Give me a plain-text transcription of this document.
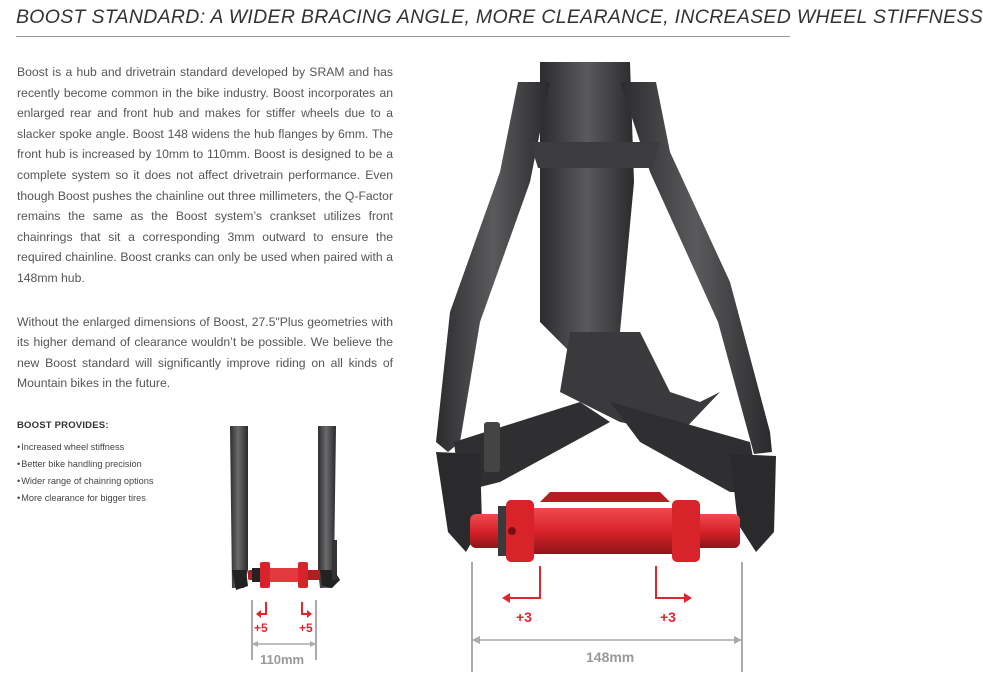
BOOST STANDARD: A WIDER BRACING ANGLE, MORE CLEARANCE, INCREASED WHEEL STIFFNESS

Boost is a hub and drivetrain standard developed by SRAM and has recently become common in the bike industry. Boost incorporates an enlarged rear and front hub and makes for stiffer wheels due to a slacker spoke angle. Boost 148 widens the hub flanges by 6mm. The front hub is increased by 10mm to 110mm. Boost is designed to be a complete system so it does not affect drivetrain performance. Even though Boost pushes the chainline out three millimeters, the Q-Factor remains the same as the Boost system’s crankset utilizes front chainrings that sit a corresponding 3mm outward to ensure the required chainline. Boost cranks can only be used when paired with a 148mm hub.

Without the enlarged dimensions of Boost, 27.5"Plus geometries with its higher demand of clearance wouldn’t be possible. We believe the new Boost standard will significantly improve riding on all kinds of Mountain bikes in the future.

BOOST PROVIDES:
• Increased wheel stiffness
• Better bike handling precision
• Wider range of chainring options
• More clearance for bigger tires
+5	+5
110mm
+3	+3
148mm
